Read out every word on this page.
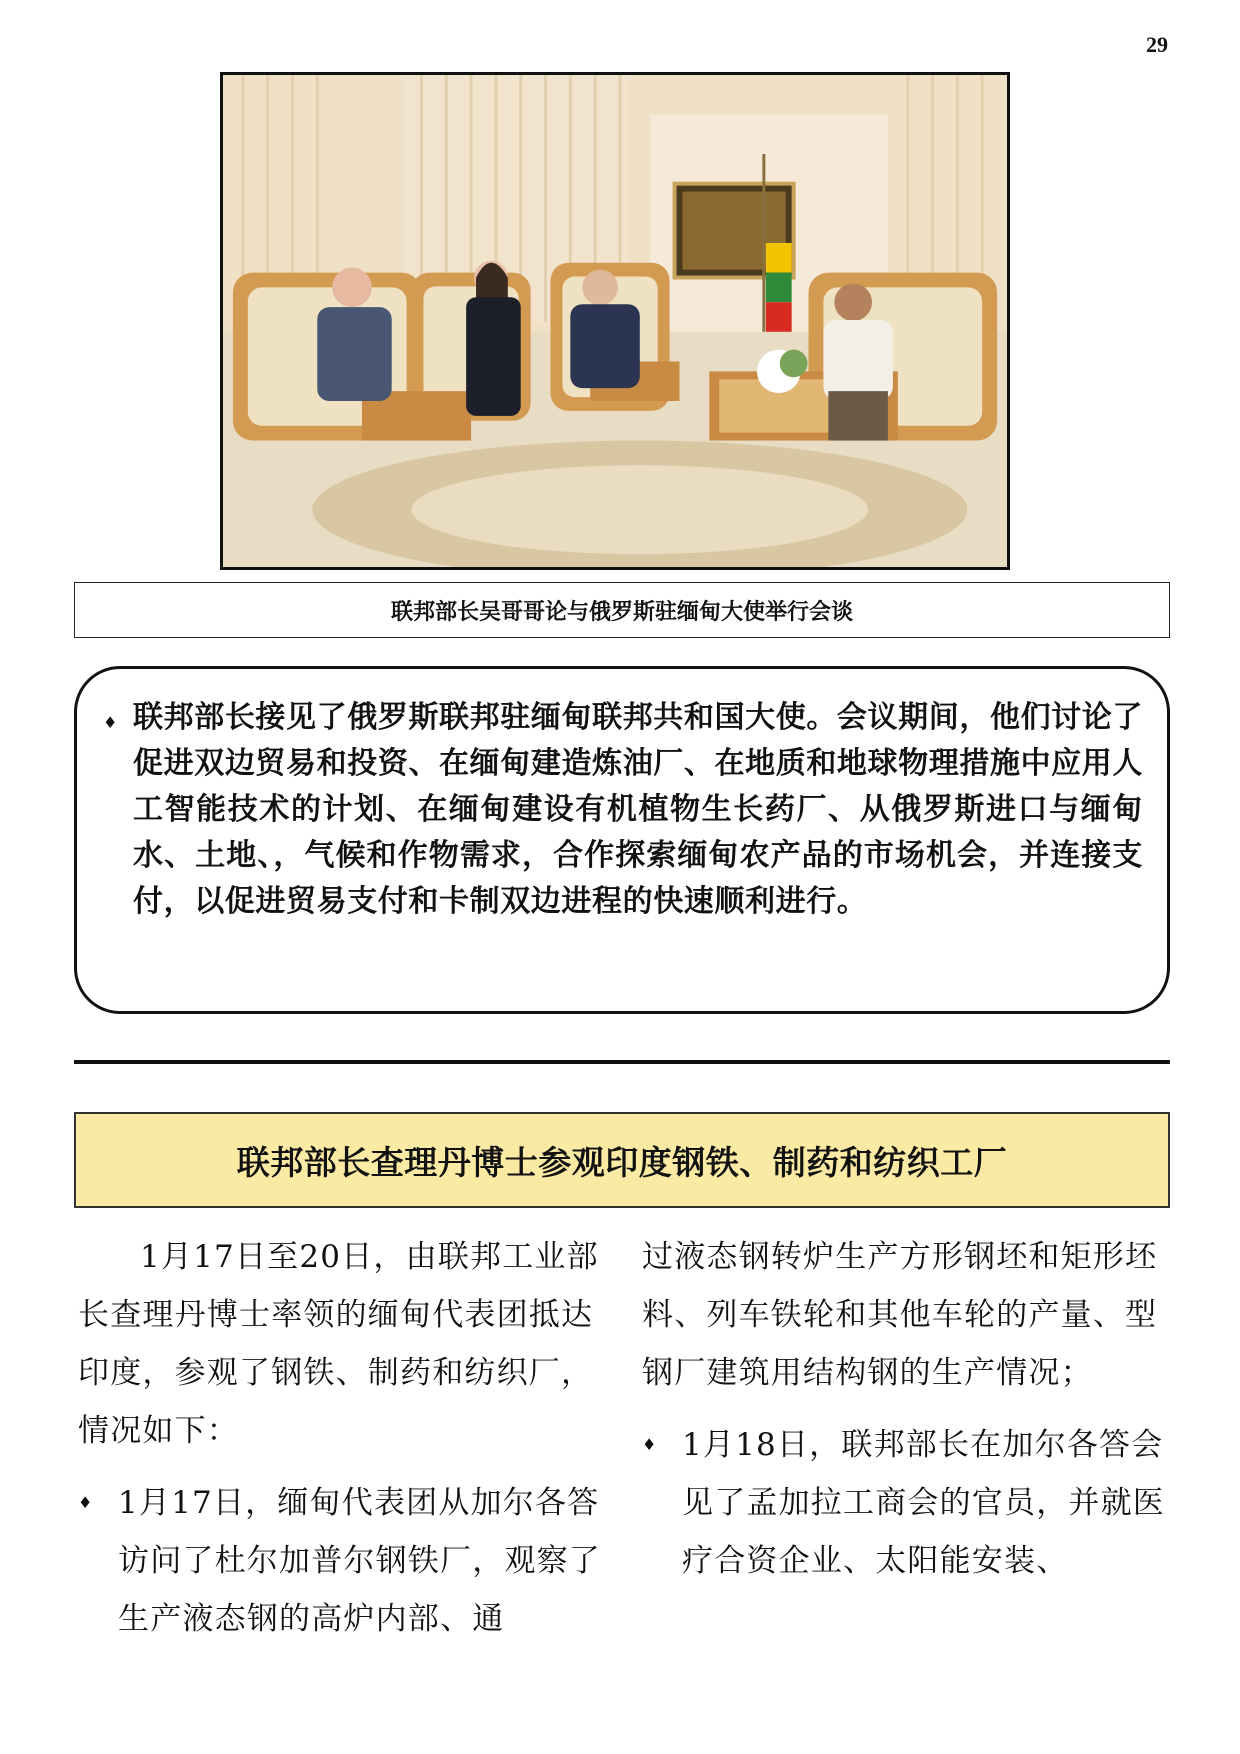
29
联邦部长吴哥哥论与俄罗斯驻缅甸大使举行会谈
♦ 联邦部长接见了俄罗斯联邦驻缅甸联邦共和国大使。会议期间，他们讨论了促进双边贸易和投资、在缅甸建造炼油厂、在地质和地球物理措施中应用人工智能技术的计划、在缅甸建设有机植物生长药厂、从俄罗斯进口与缅甸水、土地、，气候和作物需求，合作探索缅甸农产品的市场机会，并连接支付，以促进贸易支付和卡制双边进程的快速顺利进行。
联邦部长查理丹博士参观印度钢铁、制药和纺织工厂

1月17日至20日，由联邦工业部长查理丹博士率领的缅甸代表团抵达印度，参观了钢铁、制药和纺织厂，情况如下：

♦ 1月17日，缅甸代表团从加尔各答访问了杜尔加普尔钢铁厂，观察了生产液态钢的高炉内部、通

过液态钢转炉生产方形钢坯和矩形坯料、列车铁轮和其他车轮的产量、型钢厂建筑用结构钢的生产情况；

♦ 1月18日，联邦部长在加尔各答会见了孟加拉工商会的官员，并就医疗合资企业、太阳能安装、
